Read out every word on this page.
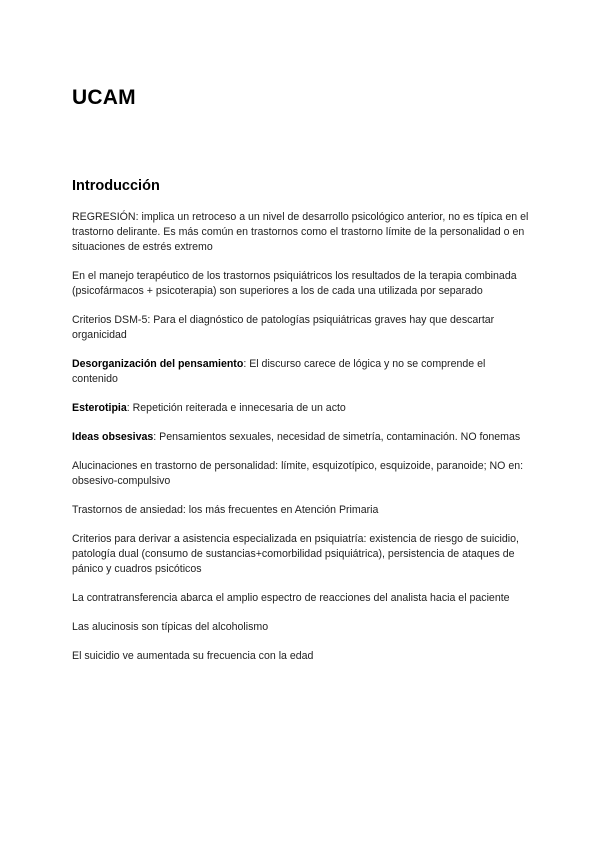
UCAM
Introducción

REGRESIÓN: implica un retroceso a un nivel de desarrollo psicológico anterior, no es típica en el trastorno delirante. Es más común en trastornos como el trastorno límite de la personalidad o en situaciones de estrés extremo

En el manejo terapéutico de los trastornos psiquiátricos los resultados de la terapia combinada (psicofármacos + psicoterapia) son superiores a los de cada una utilizada por separado

Criterios DSM-5: Para el diagnóstico de patologías psiquiátricas graves hay que descartar organicidad

Desorganización del pensamiento: El discurso carece de lógica y no se comprende el contenido

Esterotipia: Repetición reiterada e innecesaria de un acto

Ideas obsesivas: Pensamientos sexuales, necesidad de simetría, contaminación. NO fonemas

Alucinaciones en trastorno de personalidad: límite, esquizotípico, esquizoide, paranoide; NO en: obsesivo-compulsivo

Trastornos de ansiedad: los más frecuentes en Atención Primaria

Criterios para derivar a asistencia especializada en psiquiatría: existencia de riesgo de suicidio, patología dual (consumo de sustancias+comorbilidad psiquiátrica), persistencia de ataques de pánico y cuadros psicóticos

La contratransferencia abarca el amplio espectro de reacciones del analista hacia el paciente

Las alucinosis son típicas del alcoholismo

El suicidio ve aumentada su frecuencia con la edad
